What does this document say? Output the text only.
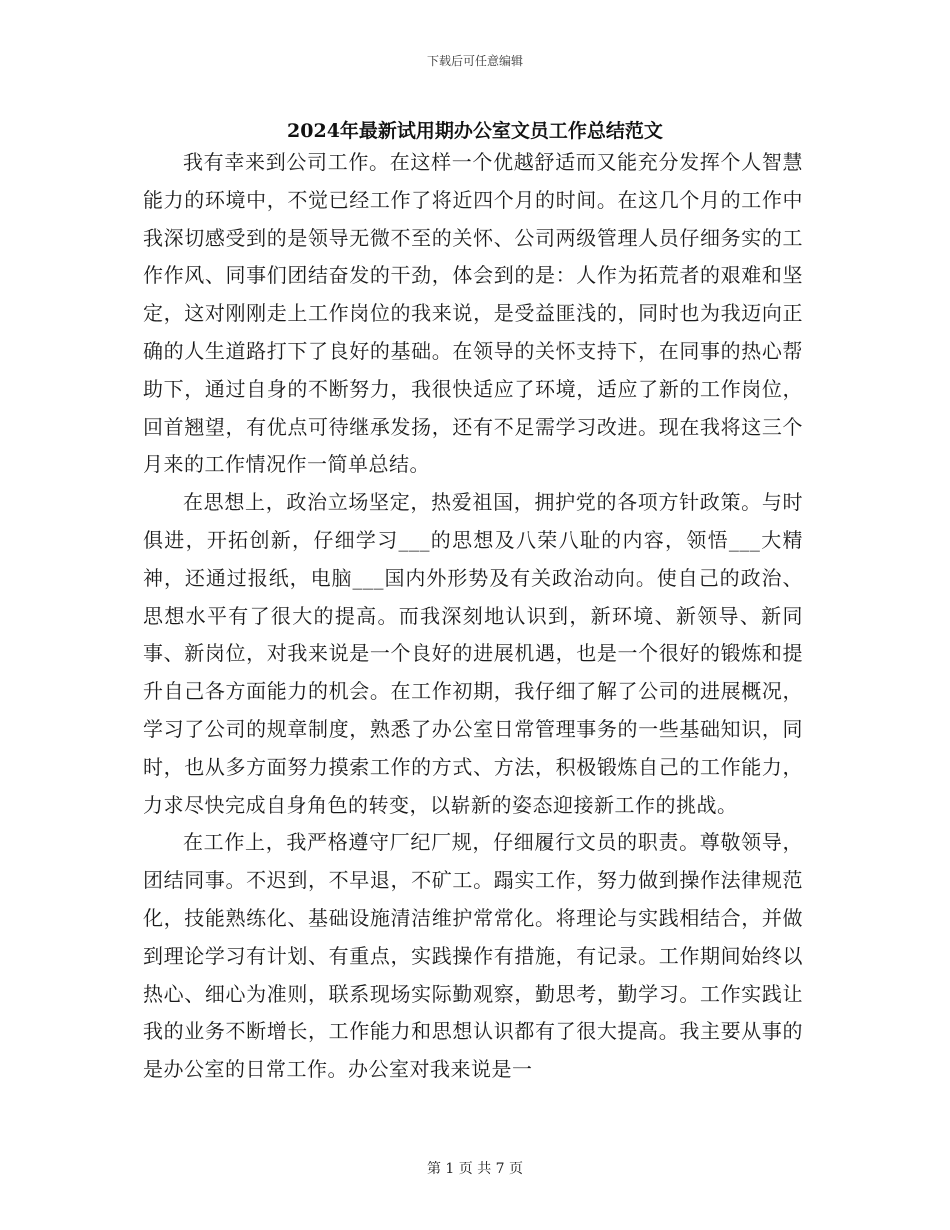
下载后可任意编辑
2024年最新试用期办公室文员工作总结范文

我有幸来到公司工作。在这样一个优越舒适而又能充分发挥个人智慧能力的环境中，不觉已经工作了将近四个月的时间。在这几个月的工作中我深切感受到的是领导无微不至的关怀、公司两级管理人员仔细务实的工作作风、同事们团结奋发的干劲，体会到的是：人作为拓荒者的艰难和坚定，这对刚刚走上工作岗位的我来说，是受益匪浅的，同时也为我迈向正确的人生道路打下了良好的基础。在领导的关怀支持下，在同事的热心帮助下，通过自身的不断努力，我很快适应了环境，适应了新的工作岗位，回首翘望，有优点可待继承发扬，还有不足需学习改进。现在我将这三个月来的工作情况作一简单总结。

在思想上，政治立场坚定，热爱祖国，拥护党的各项方针政策。与时俱进，开拓创新，仔细学习___的思想及八荣八耻的内容，领悟___大精神，还通过报纸，电脑___国内外形势及有关政治动向。使自己的政治、思想水平有了很大的提高。而我深刻地认识到，新环境、新领导、新同事、新岗位，对我来说是一个良好的进展机遇，也是一个很好的锻炼和提升自己各方面能力的机会。在工作初期，我仔细了解了公司的进展概况，学习了公司的规章制度，熟悉了办公室日常管理事务的一些基础知识，同时，也从多方面努力摸索工作的方式、方法，积极锻炼自己的工作能力，力求尽快完成自身角色的转变，以崭新的姿态迎接新工作的挑战。

在工作上，我严格遵守厂纪厂规，仔细履行文员的职责。尊敬领导，团结同事。不迟到，不早退，不矿工。蹋实工作，努力做到操作法律规范化，技能熟练化、基础设施清洁维护常常化。将理论与实践相结合，并做到理论学习有计划、有重点，实践操作有措施，有记录。工作期间始终以热心、细心为准则，联系现场实际勤观察，勤思考，勤学习。工作实践让我的业务不断增长，工作能力和思想认识都有了很大提高。我主要从事的是办公室的日常工作。办公室对我来说是一

第 1 页 共 7 页
